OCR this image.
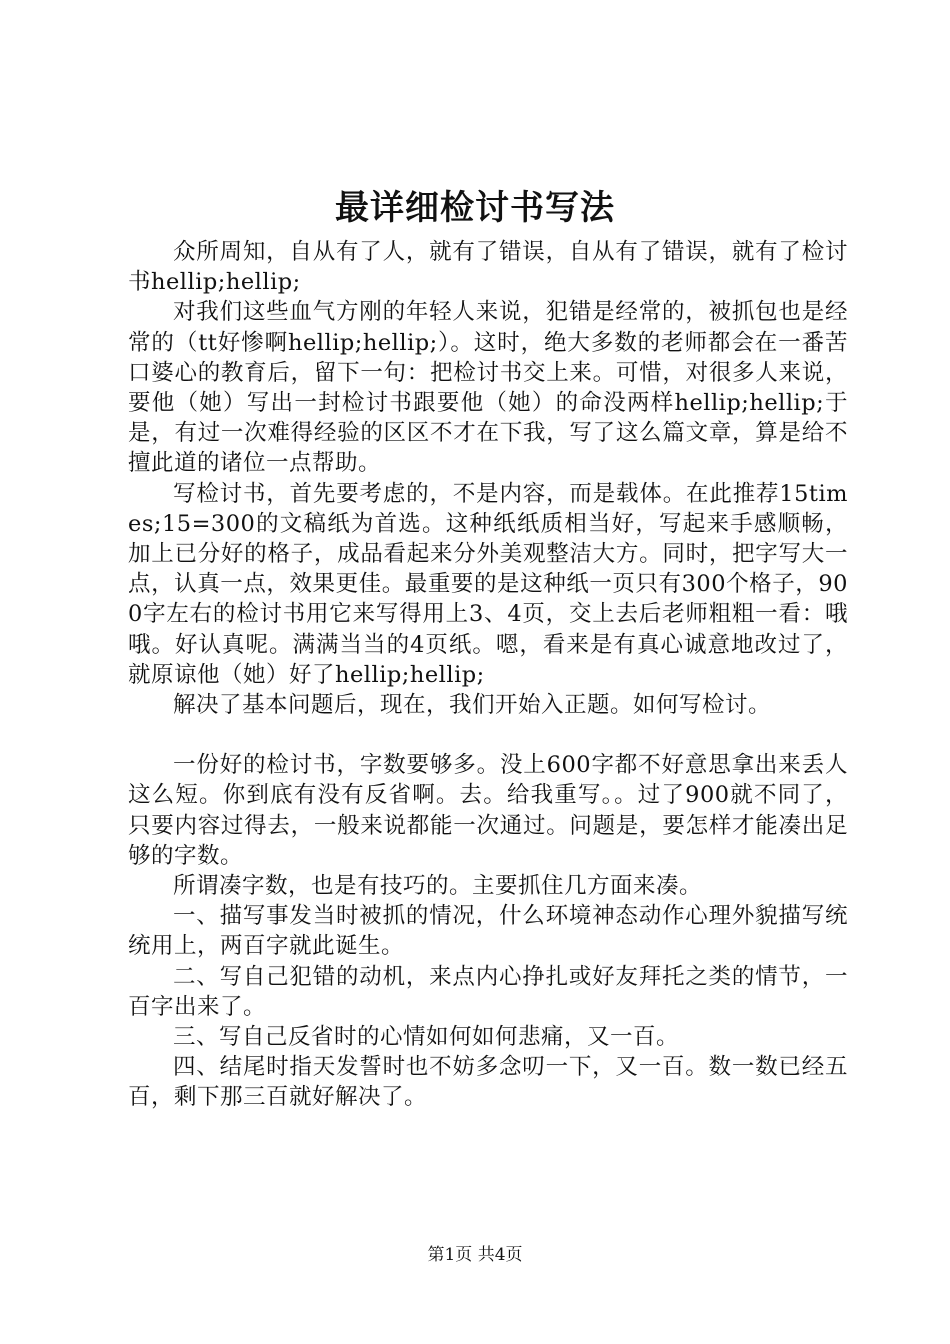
最详细检讨书写法

众所周知，自从有了人，就有了错误，自从有了错误，就有了检讨书hellip;hellip;

对我们这些血气方刚的年轻人来说，犯错是经常的，被抓包也是经常的（tt好惨啊hellip;hellip;）。这时，绝大多数的老师都会在一番苦口婆心的教育后，留下一句：把检讨书交上来。可惜，对很多人来说，要他（她）写出一封检讨书跟要他（她）的命没两样hellip;hellip;于是，有过一次难得经验的区区不才在下我，写了这么篇文章，算是给不擅此道的诸位一点帮助。

写检讨书，首先要考虑的，不是内容，而是载体。在此推荐15times;15=300的文稿纸为首选。这种纸纸质相当好，写起来手感顺畅，加上已分好的格子，成品看起来分外美观整洁大方。同时，把字写大一点，认真一点，效果更佳。最重要的是这种纸一页只有300个格子，900字左右的检讨书用它来写得用上3、4页，交上去后老师粗粗一看：哦哦。好认真呢。满满当当的4页纸。嗯，看来是有真心诚意地改过了，就原谅他（她）好了hellip;hellip;

解决了基本问题后，现在，我们开始入正题。如何写检讨。

一份好的检讨书，字数要够多。没上600字都不好意思拿出来丢人这么短。你到底有没有反省啊。去。给我重写。。过了900就不同了，只要内容过得去，一般来说都能一次通过。问题是，要怎样才能凑出足够的字数。

所谓凑字数，也是有技巧的。主要抓住几方面来凑。

一、描写事发当时被抓的情况，什么环境神态动作心理外貌描写统统用上，两百字就此诞生。

二、写自己犯错的动机，来点内心挣扎或好友拜托之类的情节，一百字出来了。

三、写自己反省时的心情如何如何悲痛，又一百。

四、结尾时指天发誓时也不妨多念叨一下，又一百。数一数已经五百，剩下那三百就好解决了。

第1页 共4页
